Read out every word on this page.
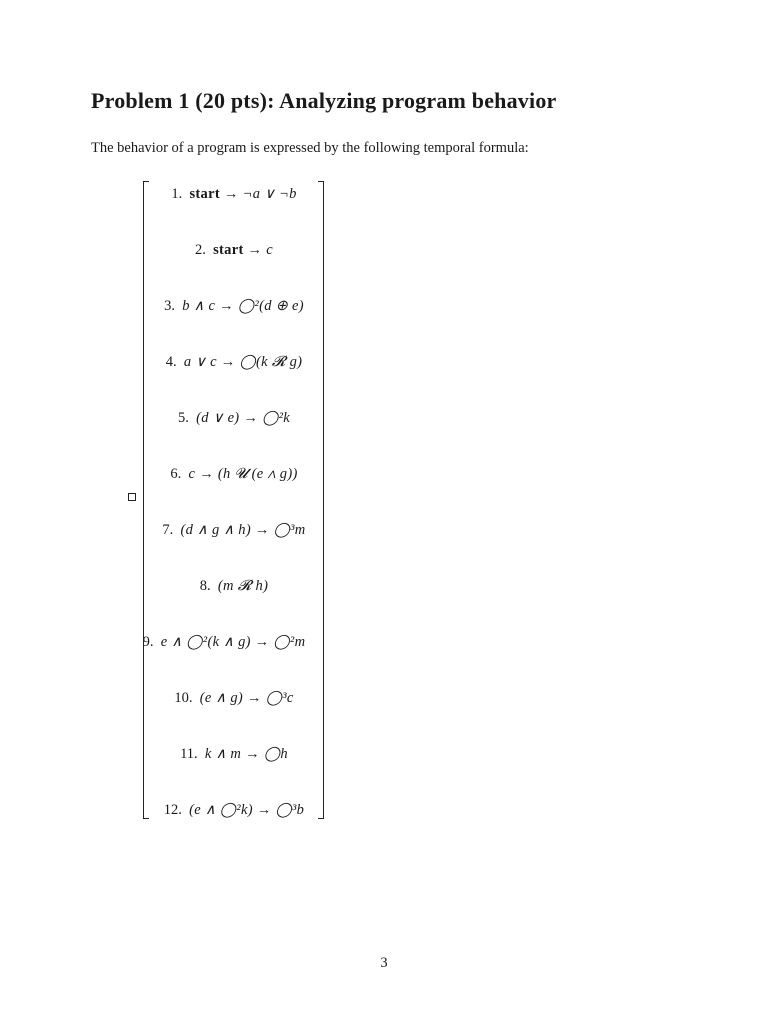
Problem 1 (20 pts): Analyzing program behavior
The behavior of a program is expressed by the following temporal formula:
1. start → ¬a ∨ ¬b
2. start → c
3. b ∧ c → ◯²(d ⊕ e)
4. a ∨ c → ◯(k 𝓡 g)
5. (d ∨ e) → ◯²k
6. c → (h 𝓤 (e ∧ g))
7. (d ∧ g ∧ h) → ◯³m
8. (m 𝓡 h)
9. e ∧ ◯²(k ∧ g) → ◯²m
10. (e ∧ g) → ◯³c
11. k ∧ m → ◯h
12. (e ∧ ◯²k) → ◯³b
3
